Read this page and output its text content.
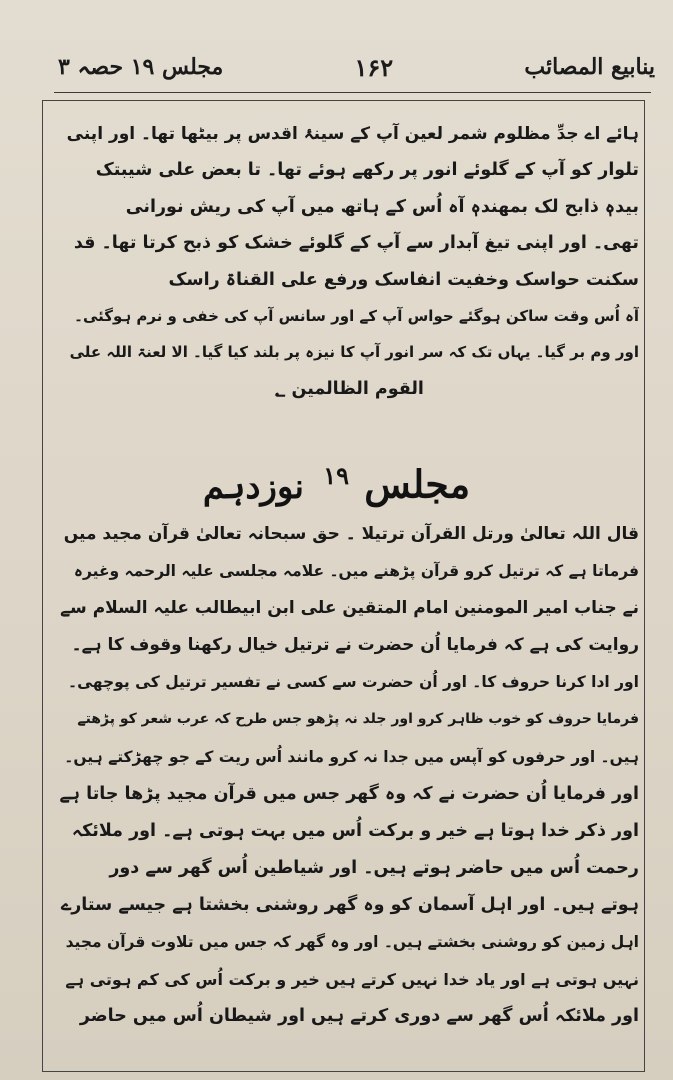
مجلس ۱۹ حصہ ۳	۱۶۲	ینابیع المصائب
ہائے اے جدِّ مظلوم شمر لعین آپ کے سینۂ اقدس پر بیٹھا تھا۔ اور اپنی
تلوار کو آپ کے گلوئے انور پر رکھے ہوئے تھا۔ تا بعض علی شیبتک
بیدہٖ ذابح لک بمھندہٖ آہ اُس کے ہاتھ میں آپ کی ریش نورانی
تھی۔ اور اپنی تیغ آبدار سے آپ کے گلوئے خشک کو ذبح کرتا تھا۔ قد
سکنت حواسک وخفیت انفاسک ورفع علی القناۃ راسک
آہ اُس وقت ساکن ہوگئے حواس آپ کے اور سانس آپ کی خفی و نرم ہوگئی۔
اور وم بر گیا۔ یہاں تک کہ سر انور آپ کا نیزہ پر بلند کیا گیا۔ الا لعنۃ اللہ علی
القوم الظالمین ؂
مجلس $^{۱۹}$ نوزدہم
قال اللہ تعالیٰ ورتل القرآن ترتیلا ۔ حق سبحانہ تعالیٰ قرآن مجید میں
فرماتا ہے کہ ترتیل کرو قرآن پڑھنے میں۔ علامہ مجلسی علیہ الرحمہ وغیرہ
نے جناب امیر المومنین امام المتقین علی ابن ابیطالب علیہ السلام سے
روایت کی ہے کہ فرمایا اُن حضرت نے ترتیل خیال رکھنا وقوف کا ہے۔
اور ادا کرنا حروف کا۔ اور اُن حضرت سے کسی نے تفسیر ترتیل کی پوچھی۔
فرمایا حروف کو خوب ظاہر کرو اور جلد نہ پڑھو جس طرح کہ عرب شعر کو پڑھتے
ہیں۔ اور حرفوں کو آپس میں جدا نہ کرو مانند اُس ریت کے جو چھڑکتے ہیں۔
اور فرمایا اُن حضرت نے کہ وہ گھر جس میں قرآن مجید پڑھا جاتا ہے
اور ذکر خدا ہوتا ہے خیر و برکت اُس میں بہت ہوتی ہے۔ اور ملائکہ
رحمت اُس میں حاضر ہوتے ہیں۔ اور شیاطین اُس گھر سے دور
ہوتے ہیں۔ اور اہل آسمان کو وہ گھر روشنی بخشتا ہے جیسے ستارے
اہل زمین کو روشنی بخشتے ہیں۔ اور وہ گھر کہ جس میں تلاوت قرآن مجید
نہیں ہوتی ہے اور یاد خدا نہیں کرتے ہیں خیر و برکت اُس کی کم ہوتی ہے
اور ملائکہ اُس گھر سے دوری کرتے ہیں اور شیطان اُس میں حاضر
